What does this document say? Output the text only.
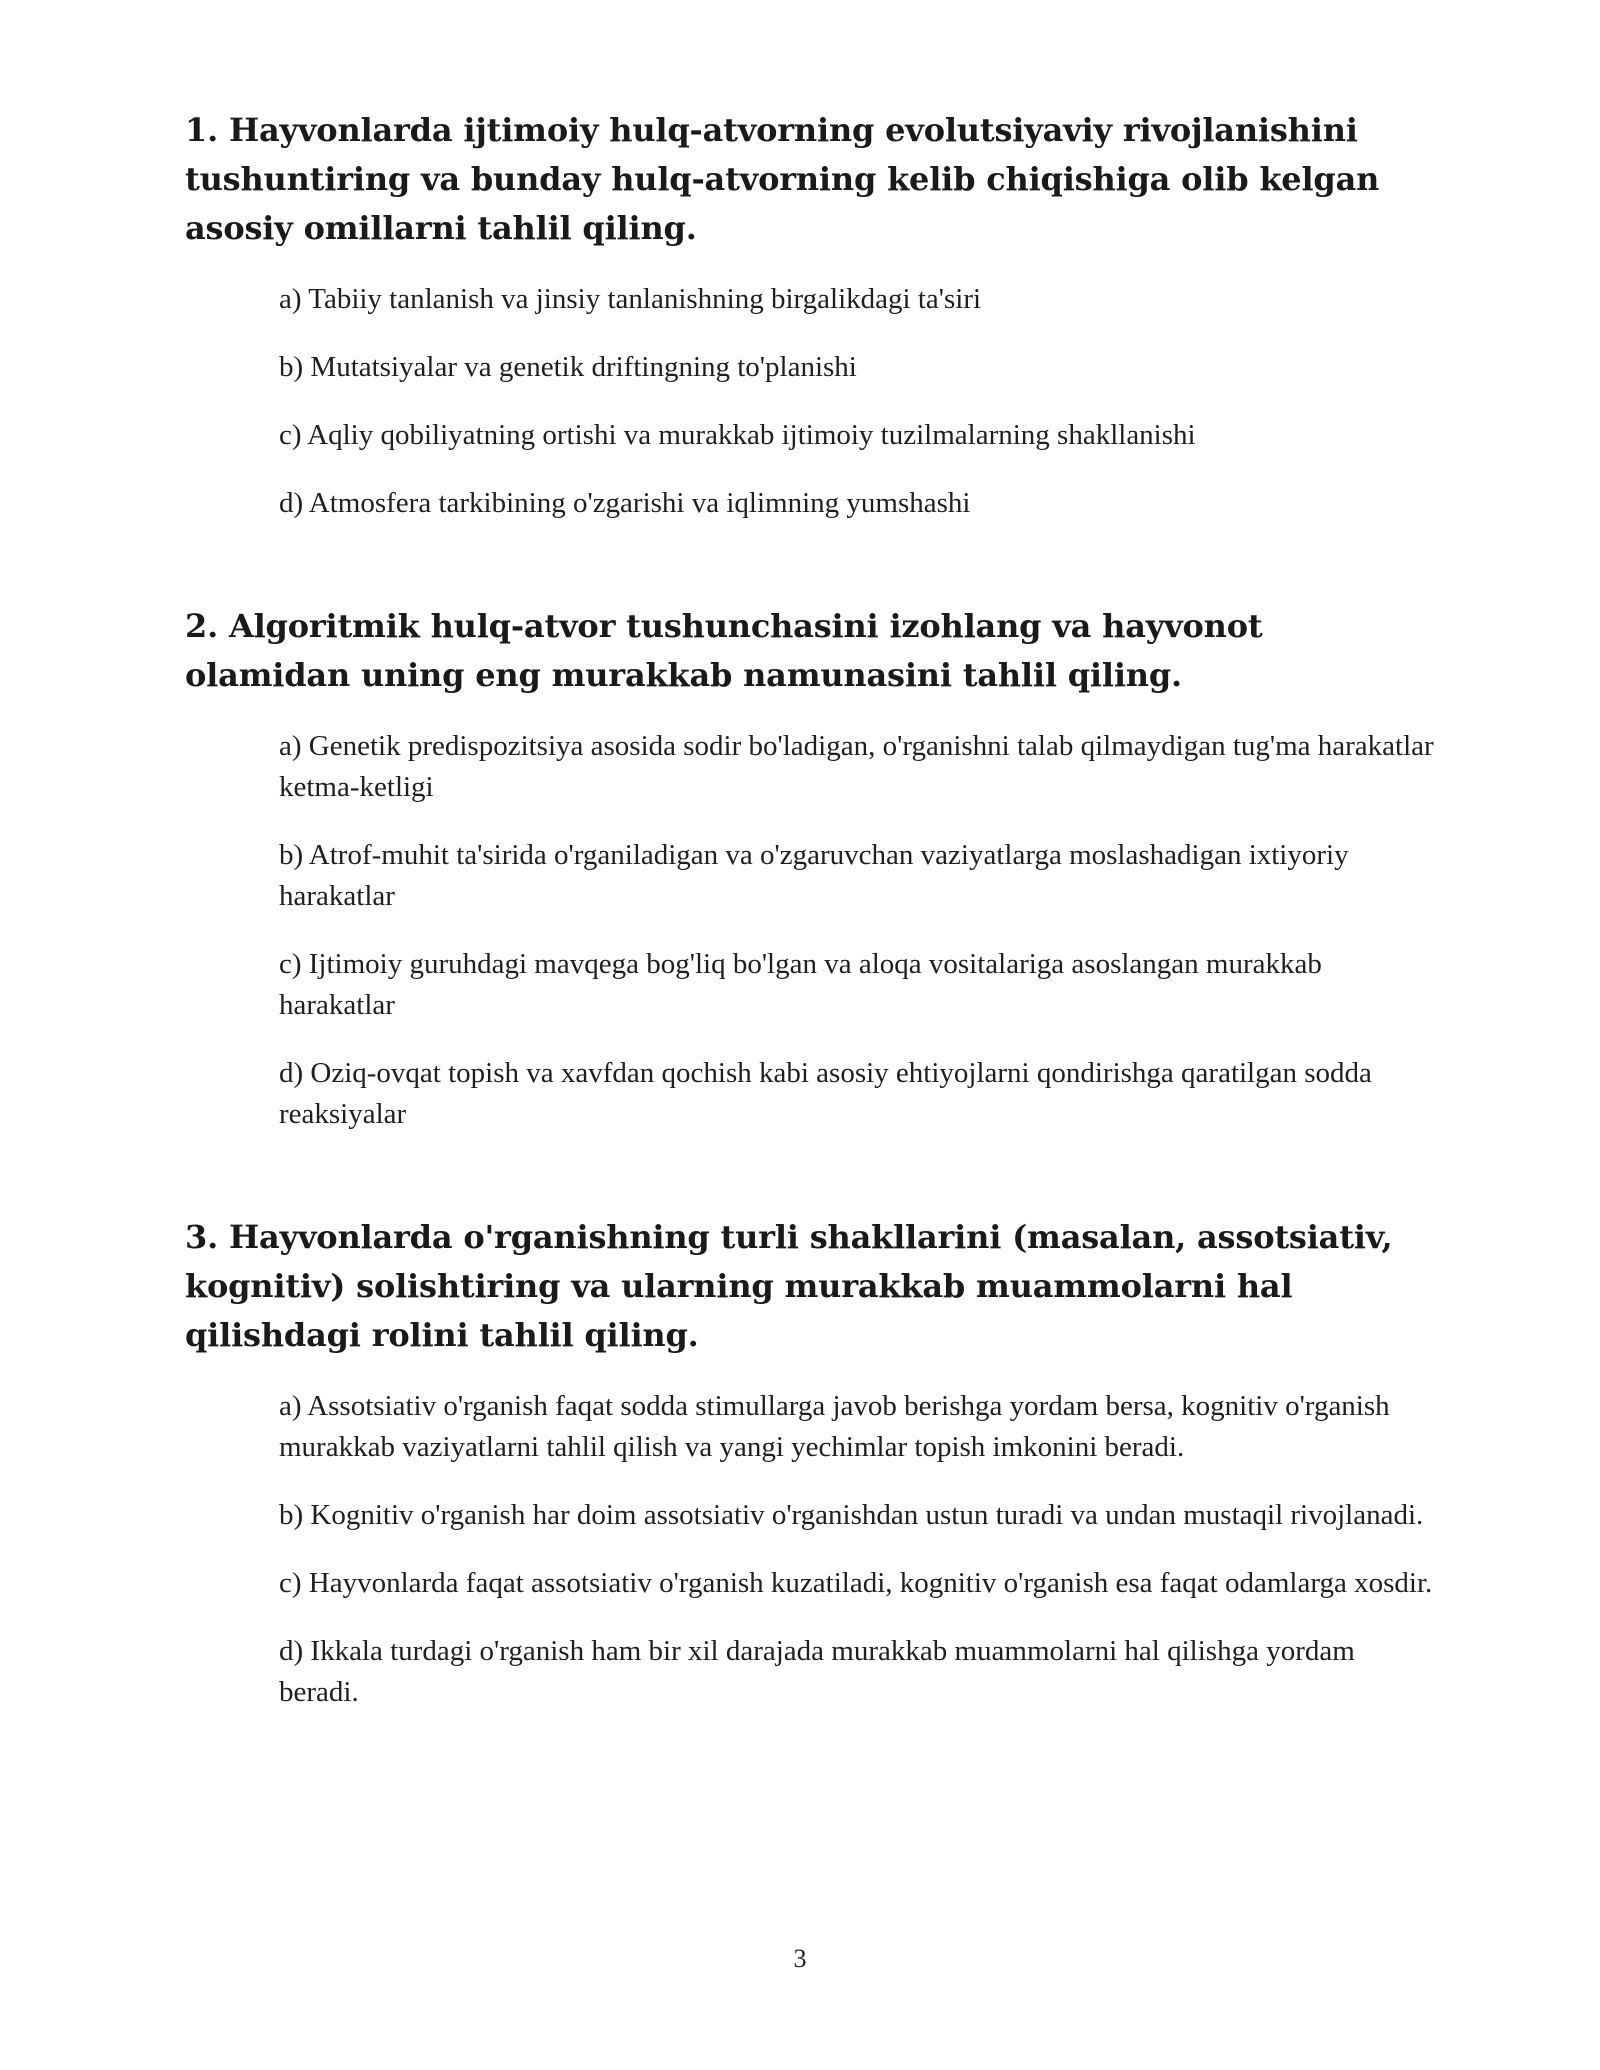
1. Hayvonlarda ijtimoiy hulq-atvorning evolutsiyaviy rivojlanishini tushuntiring va bunday hulq-atvorning kelib chiqishiga olib kelgan asosiy omillarni tahlil qiling.
a) Tabiiy tanlanish va jinsiy tanlanishning birgalikdagi ta'siri
b) Mutatsiyalar va genetik driftingning to'planishi
c) Aqliy qobiliyatning ortishi va murakkab ijtimoiy tuzilmalarning shakllanishi
d) Atmosfera tarkibining o'zgarishi va iqlimning yumshashi
2. Algoritmik hulq-atvor tushunchasini izohlang va hayvonot olamidan uning eng murakkab namunasini tahlil qiling.
a) Genetik predispozitsiya asosida sodir bo'ladigan, o'rganishni talab qilmaydigan tug'ma harakatlar ketma-ketligi
b) Atrof-muhit ta'sirida o'rganiladigan va o'zgaruvchan vaziyatlarga moslashadigan ixtiyoriy harakatlar
c) Ijtimoiy guruhdagi mavqega bog'liq bo'lgan va aloqa vositalariga asoslangan murakkab harakatlar
d) Oziq-ovqat topish va xavfdan qochish kabi asosiy ehtiyojlarni qondirishga qaratilgan sodda reaksiyalar
3. Hayvonlarda o'rganishning turli shakllarini (masalan, assotsiativ, kognitiv) solishtiring va ularning murakkab muammolarni hal qilishdagi rolini tahlil qiling.
a) Assotsiativ o'rganish faqat sodda stimullarga javob berishga yordam bersa, kognitiv o'rganish murakkab vaziyatlarni tahlil qilish va yangi yechimlar topish imkonini beradi.
b) Kognitiv o'rganish har doim assotsiativ o'rganishdan ustun turadi va undan mustaqil rivojlanadi.
c) Hayvonlarda faqat assotsiativ o'rganish kuzatiladi, kognitiv o'rganish esa faqat odamlarga xosdir.
d) Ikkala turdagi o'rganish ham bir xil darajada murakkab muammolarni hal qilishga yordam beradi.
3
